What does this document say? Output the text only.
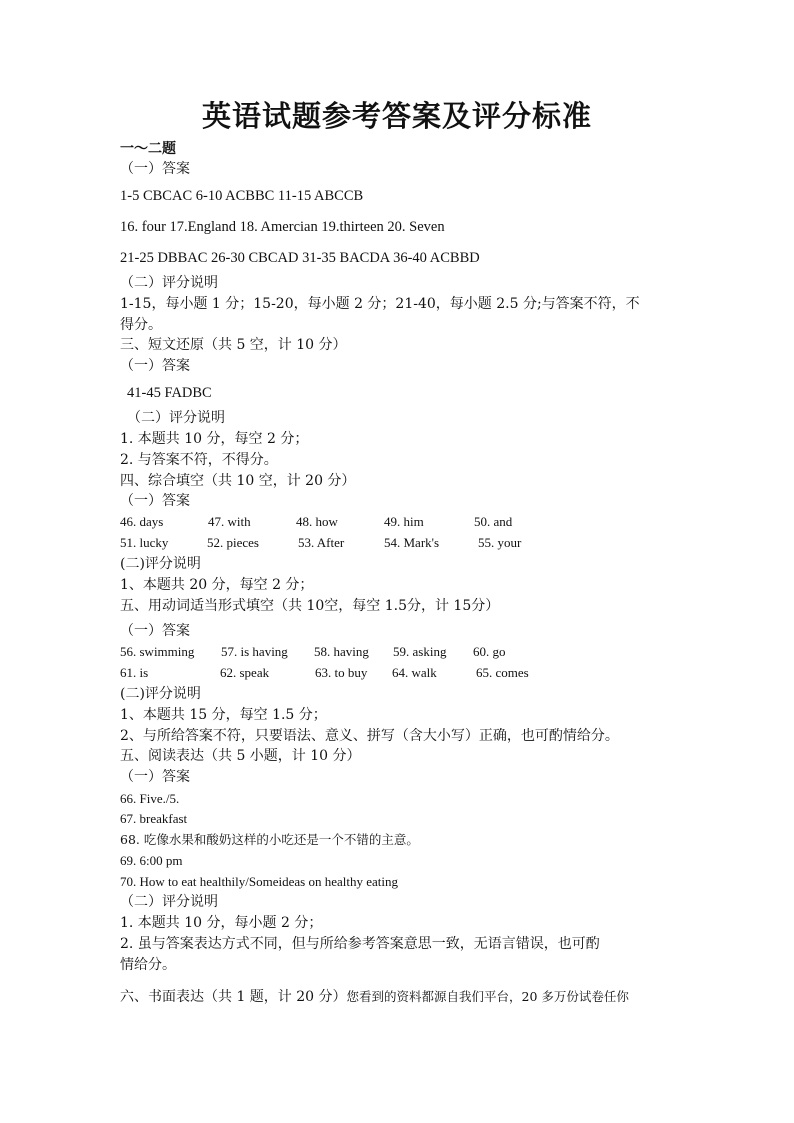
英语试题参考答案及评分标准
一～二题
（一）答案
1-5 CBCAC 6-10 ACBBC 11-15 ABCCB
16. four 17.England 18. Amercian 19.thirteen 20. Seven
21-25 DBBAC 26-30 CBCAD 31-35 BACDA 36-40 ACBBD
（二）评分说明
1-15，每小题 1 分；15-20，每小题 2 分；21-40，每小题 2.5 分;与答案不符，不
得分。
三、短文还原（共 5 空，计 10 分）
（一）答案
41-45 FADBC
（二）评分说明
1. 本题共 10 分，每空 2 分；
2. 与答案不符，不得分。
四、综合填空（共 10 空，计 20 分）
（一）答案
46. days	47. with	48. how	49. him	50. and
51. lucky	52. pieces	53. After	54. Mark's	55. your
(二)评分说明
1、本题共 20 分，每空 2 分；
五、用动词适当形式填空（共 10空，每空 1.5分，计 15分）
（一）答案
56. swimming 57. is having 58. having 59. asking 60. go
61. is	62. speak	63. to buy 64. walk	65. comes
(二)评分说明
1、本题共 15 分，每空 1.5 分；
2、与所给答案不符，只要语法、意义、拼写（含大小写）正确，也可酌情给分。
五、阅读表达（共 5 小题，计 10 分）
（一）答案
66. Five./5.
67. breakfast
68. 吃像水果和酸奶这样的小吃还是一个不错的主意。
69. 6:00 pm
70. How to eat healthily/Someideas on healthy eating
（二）评分说明
1. 本题共 10 分，每小题 2 分；
2. 虽与答案表达方式不同，但与所给参考答案意思一致，无语言错误，也可酌
情给分。
六、书面表达（共 1 题，计 20 分）您看到的资料都源自我们平台，20 多万份试卷任你
